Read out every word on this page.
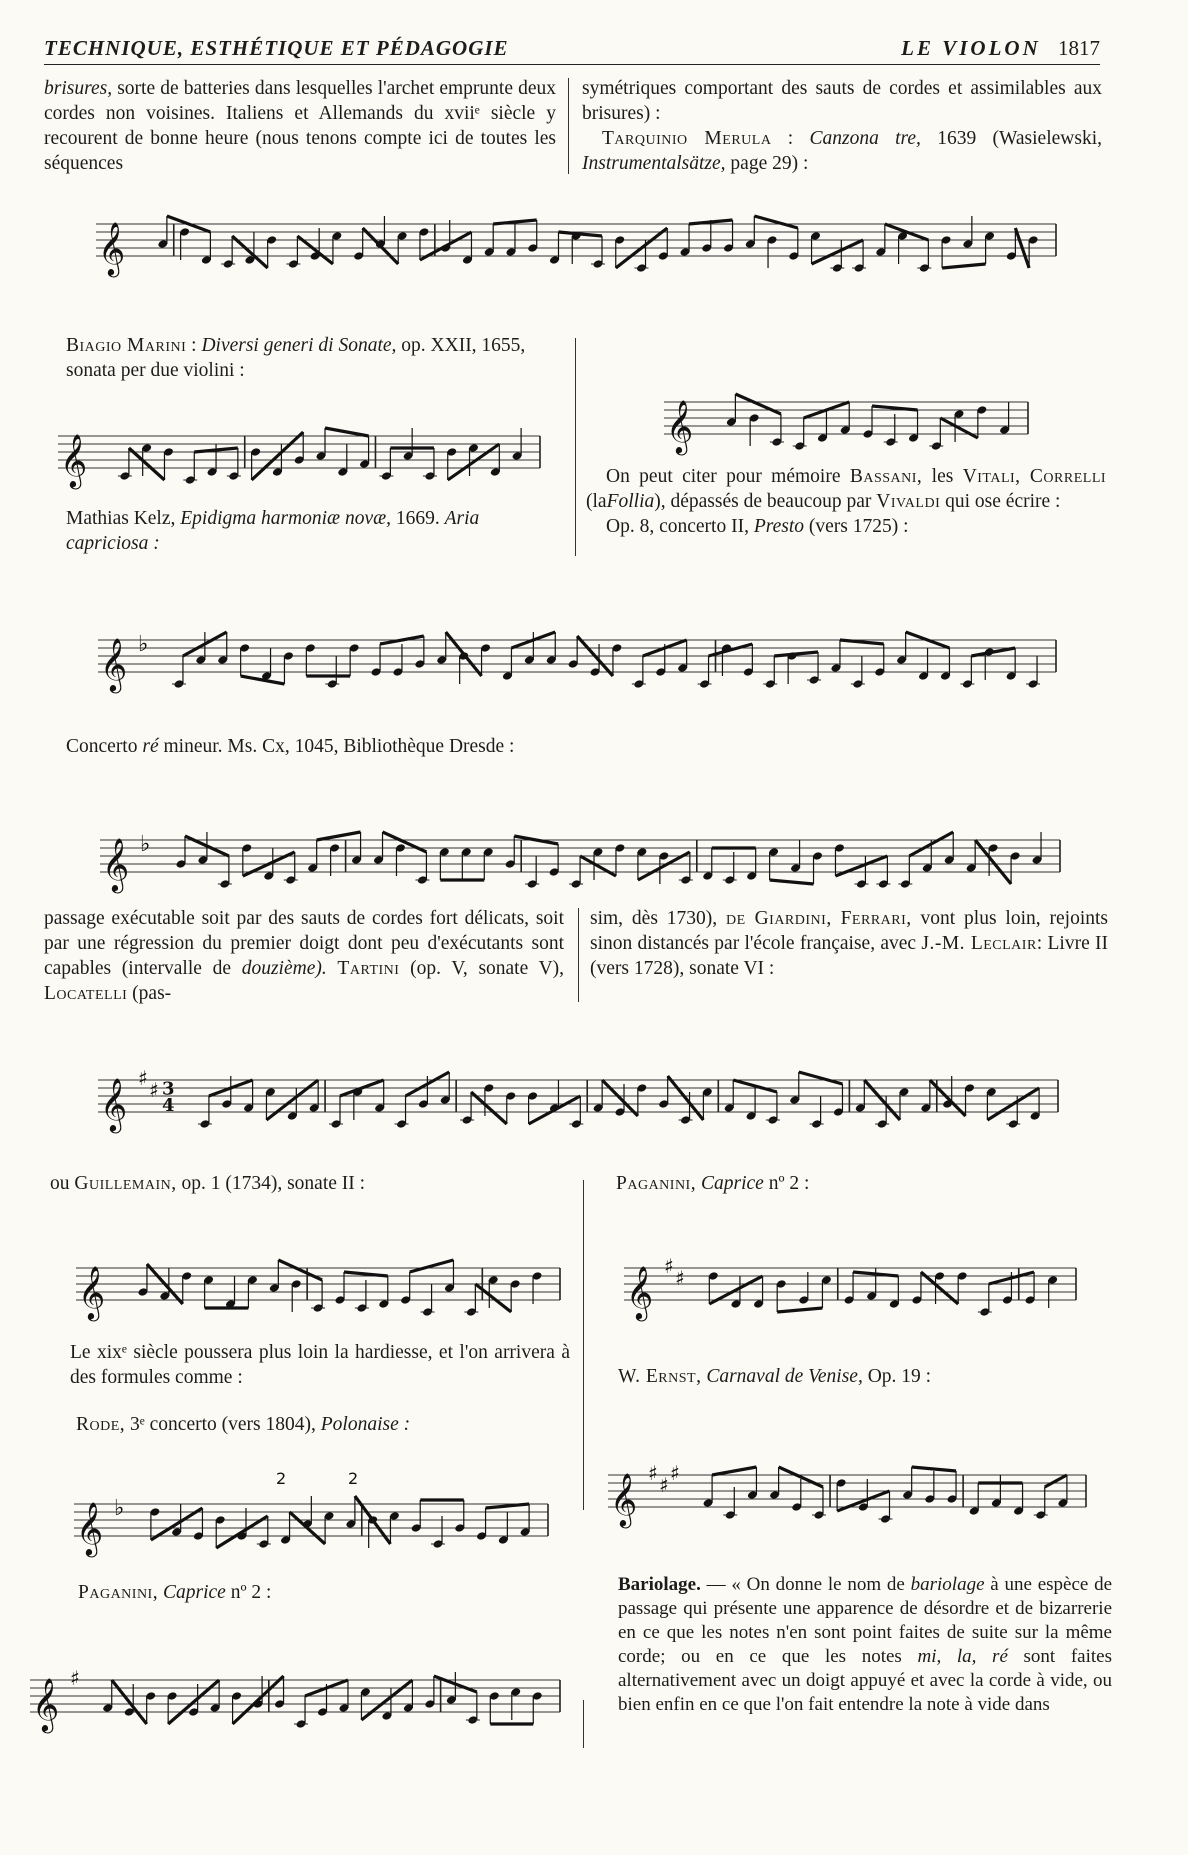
TECHNIQUE, ESTHÉTIQUE ET PÉDAGOGIE	LE VIOLON 1817

brisures, sorte de batteries dans lesquelles l'archet emprunte deux cordes non voisines. Italiens et Allemands du xviiᵉ siècle y recourent de bonne heure (nous tenons compte ici de toutes les séquences

symétriques comportant des sauts de cordes et assimilables aux brisures) :

Tarquinio Merula : Canzona tre, 1639 (Wasielewski, Instrumentalsätze, page 29) :

𝄞
Biagio Marini : Diversi generi di Sonate, op. XXII, 1655, sonata per due violini :
𝄞
Mathias Kelz, Epidigma harmoniæ novæ, 1669. Aria capriciosa :
𝄞

On peut citer pour mémoire Bassani, les Vitali, Correlli (laFollia), dépassés de beaucoup par Vivaldi qui ose écrire :

Op. 8, concerto II, Presto (vers 1725) :

𝄞 ♭
Concerto ré mineur. Ms. Cx, 1045, Bibliothèque Dresde :
𝄞 ♭

passage exécutable soit par des sauts de cordes fort délicats, soit par une régression du premier doigt dont peu d'exécutants sont capables (intervalle de douzième). Tartini (op. V, sonate V), Locatelli (pas-

sim, dès 1730), de Giardini, Ferrari, vont plus loin, rejoints sinon distancés par l'école française, avec J.-M. Leclair: Livre II (vers 1728), sonate VI :

𝄞 ♯ ♯ 3
4
ou Guillemain, op. 1 (1734), sonate II :
𝄞

Le xixᵉ siècle poussera plus loin la hardiesse, et l'on arrivera à des formules comme :

Rode, 3ᵉ concerto (vers 1804), Polonaise :
2	2
𝄞 ♭
Paganini, Caprice nº 2 :
𝄞 ♯
Paganini, Caprice nº 2 :
𝄞 ♯ ♯
W. Ernst, Carnaval de Venise, Op. 19 :
𝄞 ♯ ♯ ♯

Bariolage. — « On donne le nom de bariolage à une espèce de passage qui présente une apparence de désordre et de bizarrerie en ce que les notes n'en sont point faites de suite sur la même corde; ou en ce que les notes mi, la, ré sont faites alternativement avec un doigt appuyé et avec la corde à vide, ou bien enfin en ce que l'on fait entendre la note à vide dans
